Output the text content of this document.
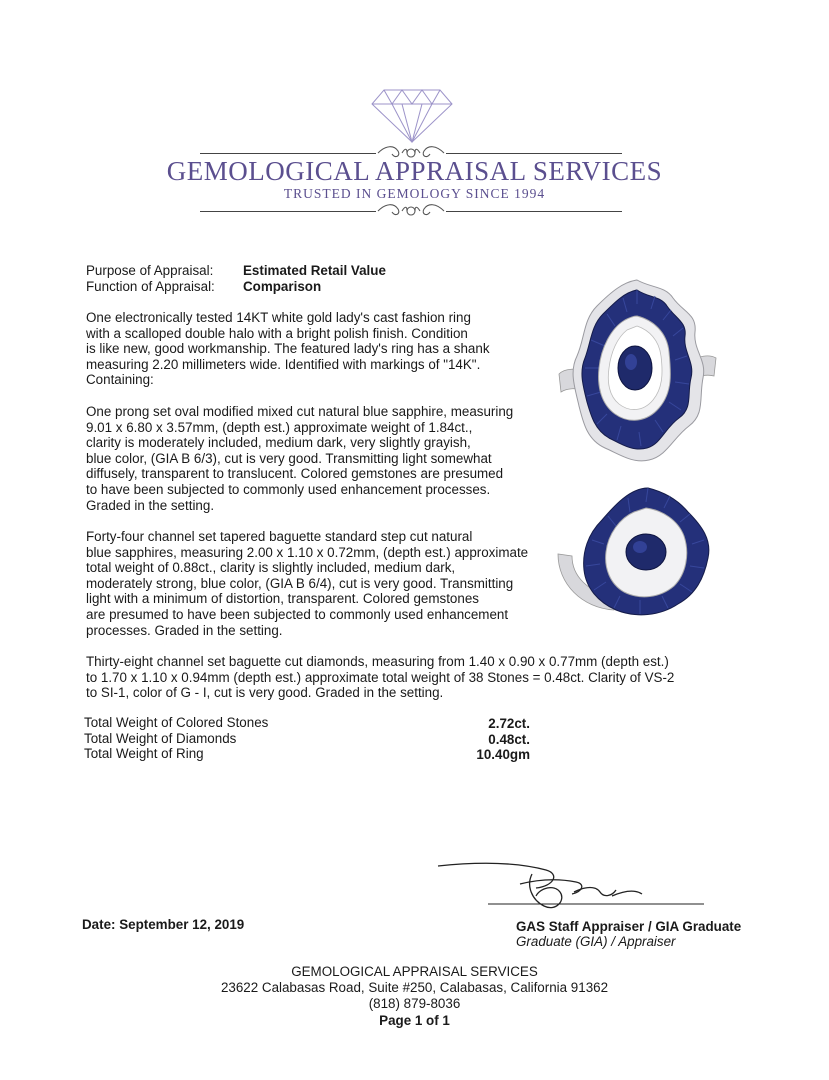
GEMOLOGICAL APPRAISAL SERVICES
TRUSTED IN GEMOLOGY SINCE 1994
Purpose of Appraisal: Estimated Retail Value
Function of Appraisal: Comparison
One electronically tested 14KT white gold lady's cast fashion ring
with a scalloped double halo with a bright polish finish. Condition
is like new, good workmanship. The featured lady's ring has a shank
measuring 2.20 millimeters wide. Identified with markings of "14K".
Containing:
One prong set oval modified mixed cut natural blue sapphire, measuring
9.01 x 6.80 x 3.57mm, (depth est.) approximate weight of 1.84ct.,
clarity is moderately included, medium dark, very slightly grayish,
blue color, (GIA B 6/3), cut is very good. Transmitting light somewhat
diffusely, transparent to translucent. Colored gemstones are presumed
to have been subjected to commonly used enhancement processes.
Graded in the setting.
Forty-four channel set tapered baguette standard step cut natural
blue sapphires, measuring 2.00 x 1.10 x 0.72mm, (depth est.) approximate
total weight of 0.88ct., clarity is slightly included, medium dark,
moderately strong, blue color, (GIA B 6/4), cut is very good. Transmitting
light with a minimum of distortion, transparent. Colored gemstones
are presumed to have been subjected to commonly used enhancement
processes. Graded in the setting.
Thirty-eight channel set baguette cut diamonds, measuring from 1.40 x 0.90 x 0.77mm (depth est.)
to 1.70 x 1.10 x 0.94mm (depth est.) approximate total weight of 38 Stones = 0.48ct. Clarity of VS-2
to SI-1, color of G - I, cut is very good. Graded in the setting.
Total Weight of Colored Stones	2.72ct.
Total Weight of Diamonds	0.48ct.
Total Weight of Ring	10.40gm
Date: September 12, 2019	GAS Staff Appraiser / GIA Graduate
Graduate (GIA) / Appraiser
GEMOLOGICAL APPRAISAL SERVICES
23622 Calabasas Road, Suite #250, Calabasas, California 91362
(818) 879-8036
Page 1 of 1
